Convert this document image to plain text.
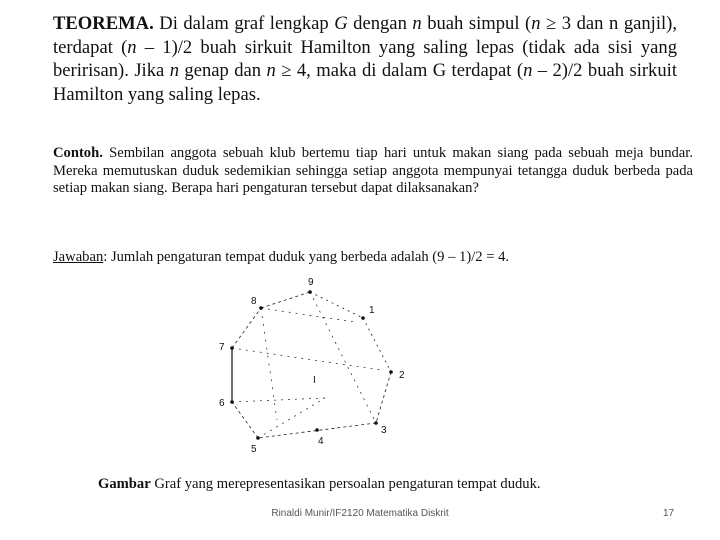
TEOREMA. Di dalam graf lengkap G dengan n buah simpul (n ≥ 3 dan n ganjil), terdapat (n – 1)/2 buah sirkuit Hamilton yang saling lepas (tidak ada sisi yang beririsan). Jika n genap dan n ≥ 4, maka di dalam G terdapat (n – 2)/2 buah sirkuit Hamilton yang saling lepas.

Contoh. Sembilan anggota sebuah klub bertemu tiap hari untuk makan siang pada sebuah meja bundar. Mereka memutuskan duduk sedemikian sehingga setiap anggota mempunyai tetangga duduk berbeda pada setiap makan siang. Berapa hari pengaturan tersebut dapat dilaksanakan?

Jawaban: Jumlah pengaturan tempat duduk yang berbeda adalah (9 – 1)/2 = 4.

1
2
3
4
5
6
7
8
9
I

Gambar Graf yang merepresentasikan persoalan pengaturan tempat duduk.

Rinaldi Munir/IF2120 Matematika Diskrit	17
